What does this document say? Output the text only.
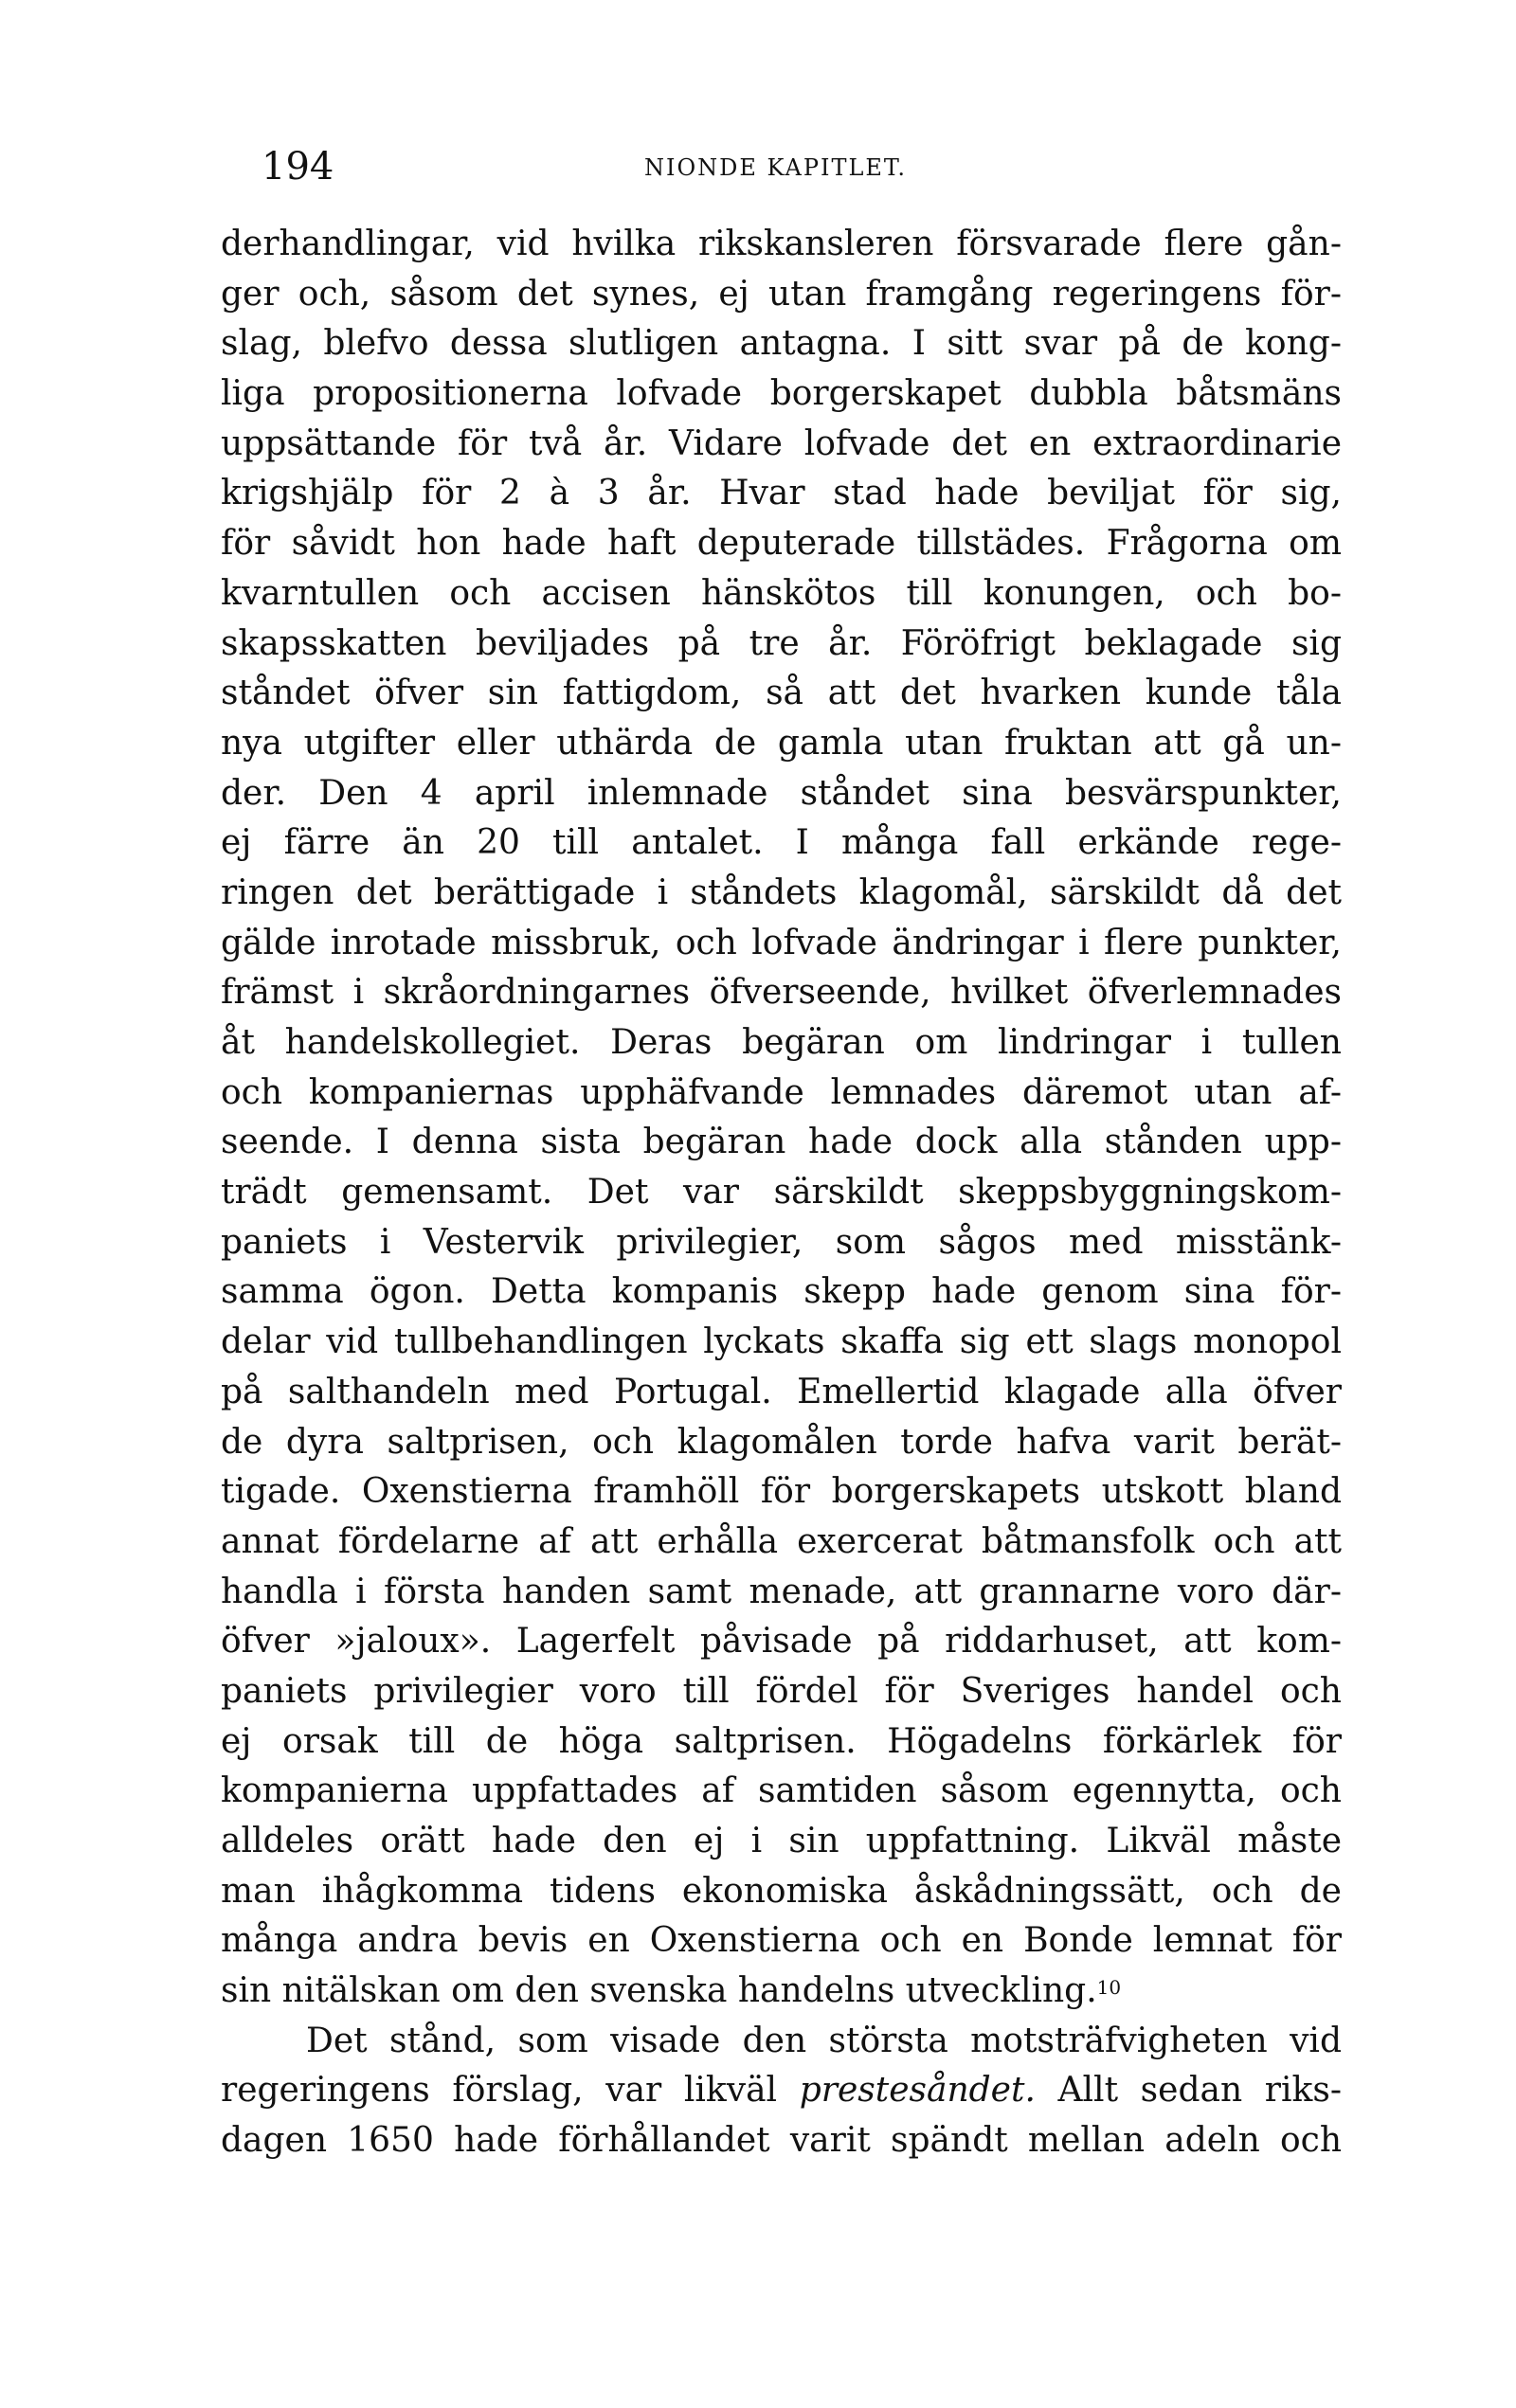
194	NIONDE KAPITLET.
derhandlingar, vid hvilka rikskansleren försvarade flere gån-
ger och, såsom det synes, ej utan framgång regeringens för-
slag, blefvo dessa slutligen antagna. I sitt svar på de kong-
liga propositionerna lofvade borgerskapet dubbla båtsmäns
uppsättande för två år. Vidare lofvade det en extraordinarie
krigshjälp för 2 à 3 år. Hvar stad hade beviljat för sig,
för såvidt hon hade haft deputerade tillstädes. Frågorna om
kvarntullen och accisen hänskötos till konungen, och bo-
skapsskatten beviljades på tre år. Föröfrigt beklagade sig
ståndet öfver sin fattigdom, så att det hvarken kunde tåla
nya utgifter eller uthärda de gamla utan fruktan att gå un-
der. Den 4 april inlemnade ståndet sina besvärspunkter,
ej färre än 20 till antalet. I många fall erkände rege-
ringen det berättigade i ståndets klagomål, särskildt då det
gälde inrotade missbruk, och lofvade ändringar i flere punkter,
främst i skråordningarnes öfverseende, hvilket öfverlemnades
åt handelskollegiet. Deras begäran om lindringar i tullen
och kompaniernas upphäfvande lemnades däremot utan af-
seende. I denna sista begäran hade dock alla stånden upp-
trädt gemensamt. Det var särskildt skeppsbyggningskom-
paniets i Vestervik privilegier, som sågos med misstänk-
samma ögon. Detta kompanis skepp hade genom sina för-
delar vid tullbehandlingen lyckats skaffa sig ett slags monopol
på salthandeln med Portugal. Emellertid klagade alla öfver
de dyra saltprisen, och klagomålen torde hafva varit berät-
tigade. Oxenstierna framhöll för borgerskapets utskott bland
annat fördelarne af att erhålla exercerat båtmansfolk och att
handla i första handen samt menade, att grannarne voro där-
öfver »jaloux». Lagerfelt påvisade på riddarhuset, att kom-
paniets privilegier voro till fördel för Sveriges handel och
ej orsak till de höga saltprisen. Högadelns förkärlek för
kompanierna uppfattades af samtiden såsom egennytta, och
alldeles orätt hade den ej i sin uppfattning. Likväl måste
man ihågkomma tidens ekonomiska åskådningssätt, och de
många andra bevis en Oxenstierna och en Bonde lemnat för
sin nitälskan om den svenska handelns utveckling.$^{10}$
Det stånd, som visade den största motsträfvigheten vid
regeringens förslag, var likväl prestesåndet. Allt sedan riks-
dagen 1650 hade förhållandet varit spändt mellan adeln och
